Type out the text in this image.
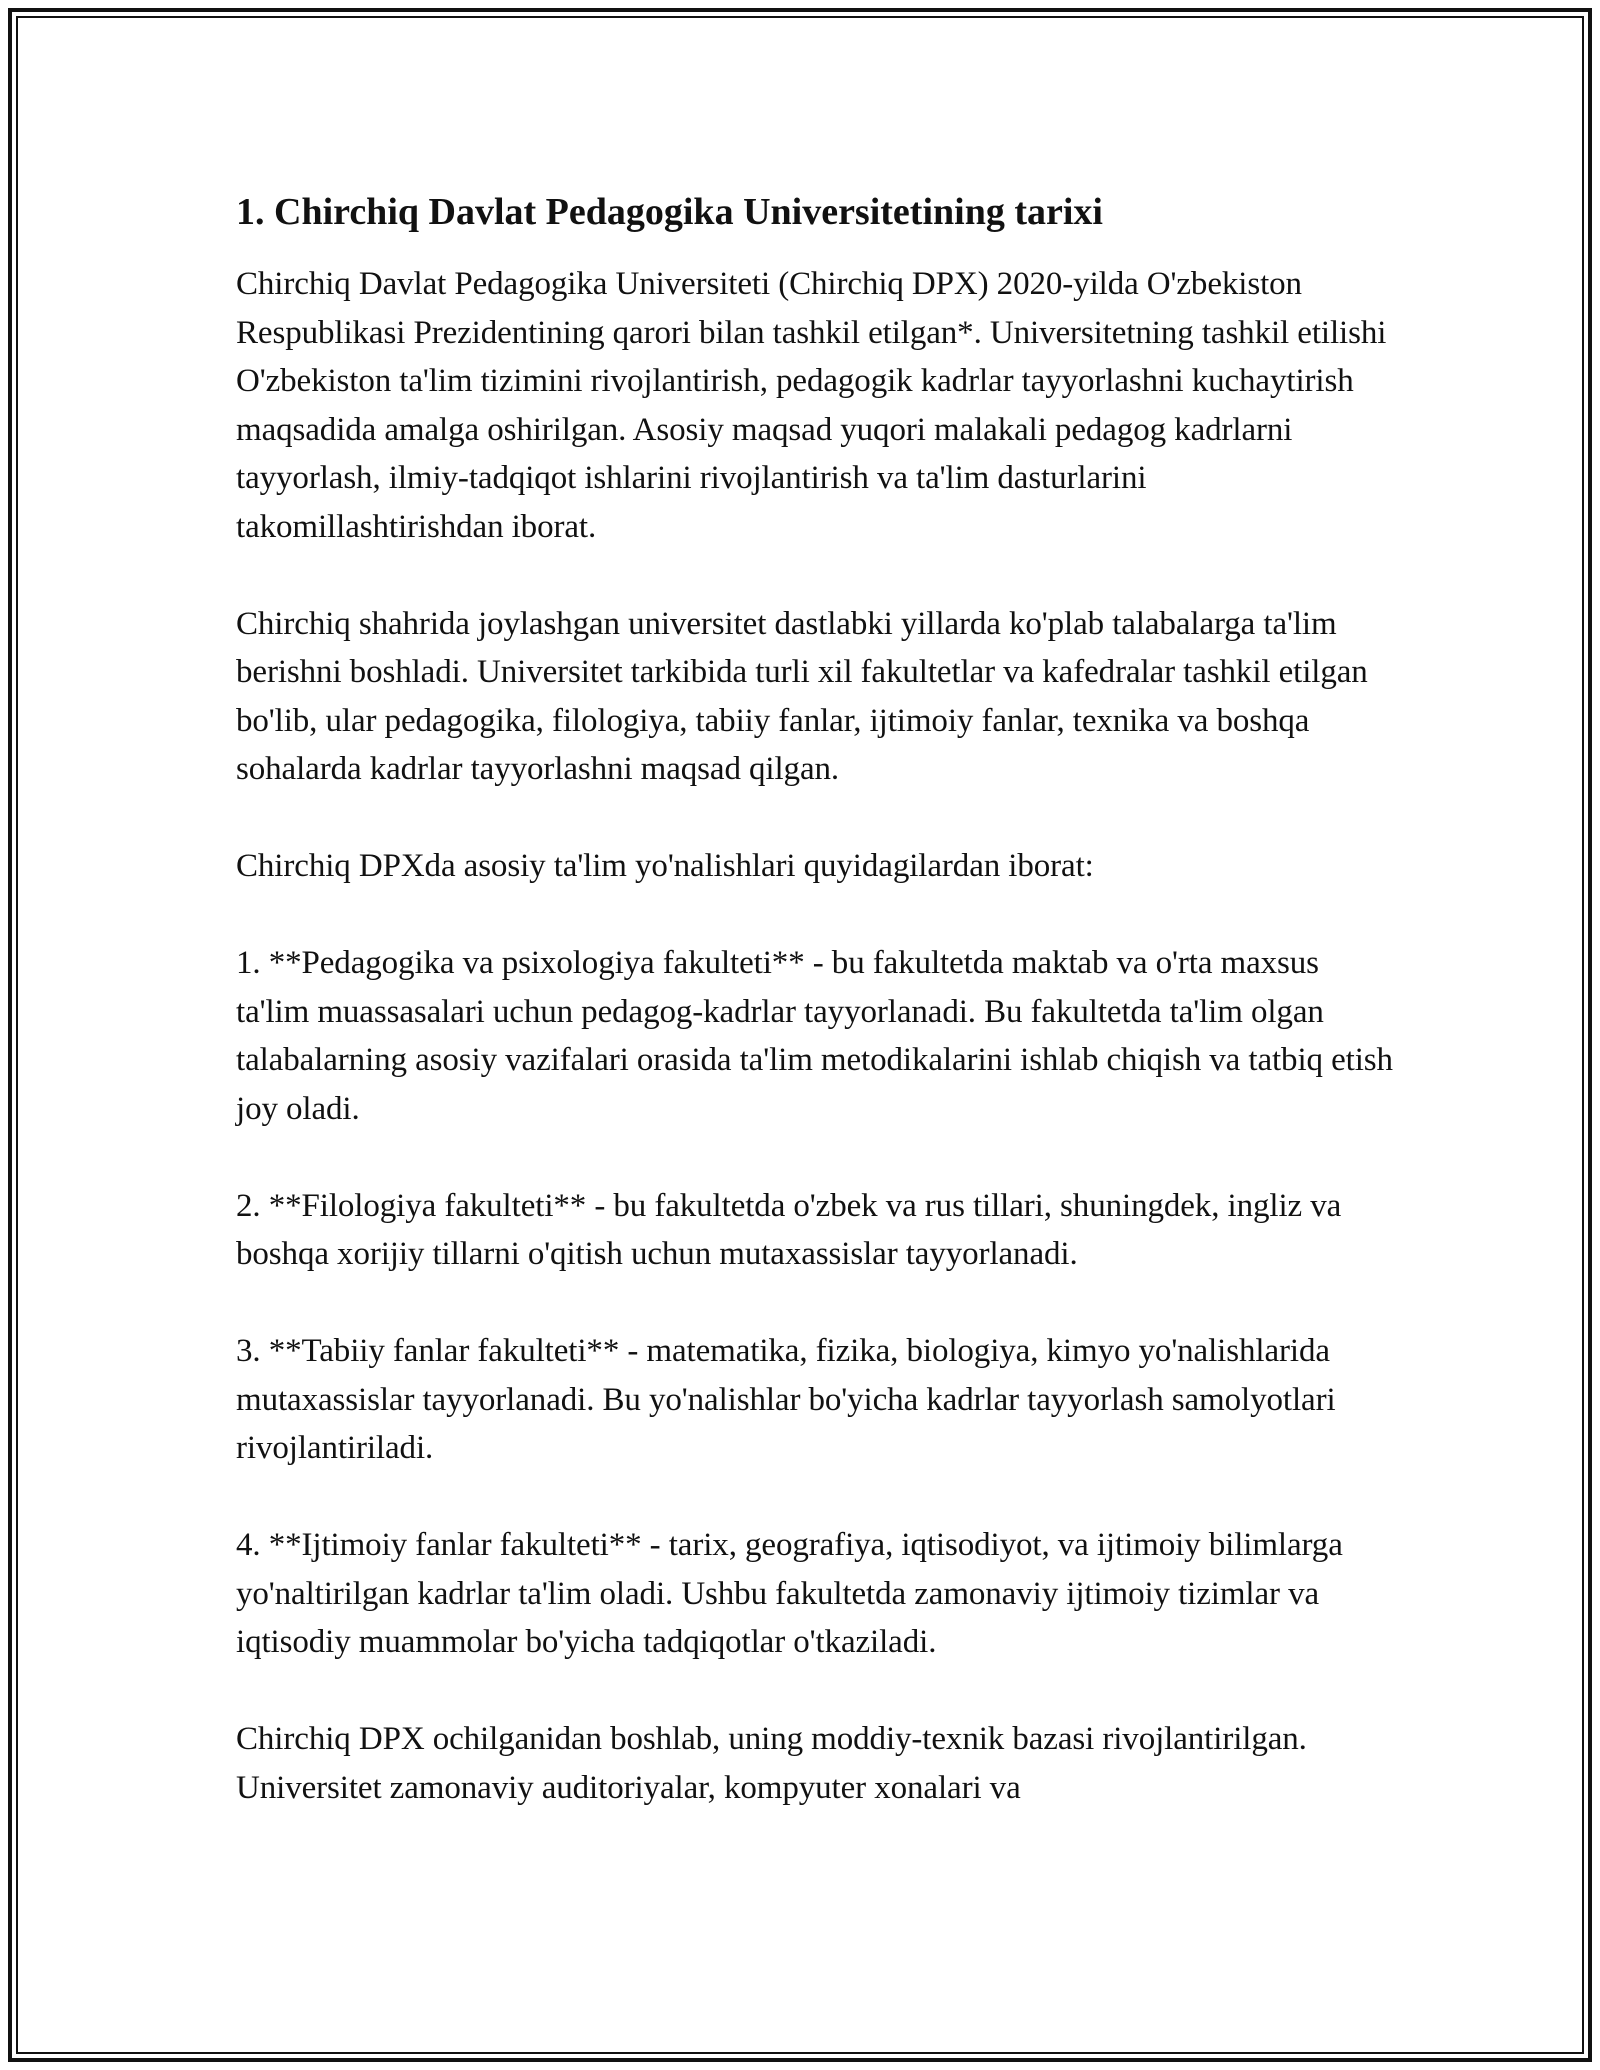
1. Chirchiq Davlat Pedagogika Universitetining tarixi

Chirchiq Davlat Pedagogika Universiteti (Chirchiq DPX) 2020-yilda O'zbekiston Respublikasi Prezidentining qarori bilan tashkil etilgan*. Universitetning tashkil etilishi O'zbekiston ta'lim tizimini rivojlantirish, pedagogik kadrlar tayyorlashni kuchaytirish maqsadida amalga oshirilgan. Asosiy maqsad yuqori malakali pedagog kadrlarni tayyorlash, ilmiy-tadqiqot ishlarini rivojlantirish va ta'lim dasturlarini takomillashtirishdan iborat.

Chirchiq shahrida joylashgan universitet dastlabki yillarda ko'plab talabalarga ta'lim berishni boshladi. Universitet tarkibida turli xil fakultetlar va kafedralar tashkil etilgan bo'lib, ular pedagogika, filologiya, tabiiy fanlar, ijtimoiy fanlar, texnika va boshqa sohalarda kadrlar tayyorlashni maqsad qilgan.

Chirchiq DPXda asosiy ta'lim yo'nalishlari quyidagilardan iborat:

1. **Pedagogika va psixologiya fakulteti** - bu fakultetda maktab va o'rta maxsus ta'lim muassasalari uchun pedagog-kadrlar tayyorlanadi. Bu fakultetda ta'lim olgan talabalarning asosiy vazifalari orasida ta'lim metodikalarini ishlab chiqish va tatbiq etish joy oladi.

2. **Filologiya fakulteti** - bu fakultetda o'zbek va rus tillari, shuningdek, ingliz va boshqa xorijiy tillarni o'qitish uchun mutaxassislar tayyorlanadi.

3. **Tabiiy fanlar fakulteti** - matematika, fizika, biologiya, kimyo yo'nalishlarida mutaxassislar tayyorlanadi. Bu yo'nalishlar bo'yicha kadrlar tayyorlash samolyotlari rivojlantiriladi.

4. **Ijtimoiy fanlar fakulteti** - tarix, geografiya, iqtisodiyot, va ijtimoiy bilimlarga yo'naltirilgan kadrlar ta'lim oladi. Ushbu fakultetda zamonaviy ijtimoiy tizimlar va iqtisodiy muammolar bo'yicha tadqiqotlar o'tkaziladi.

Chirchiq DPX ochilganidan boshlab, uning moddiy-texnik bazasi rivojlantirilgan. Universitet zamonaviy auditoriyalar, kompyuter xonalari va
